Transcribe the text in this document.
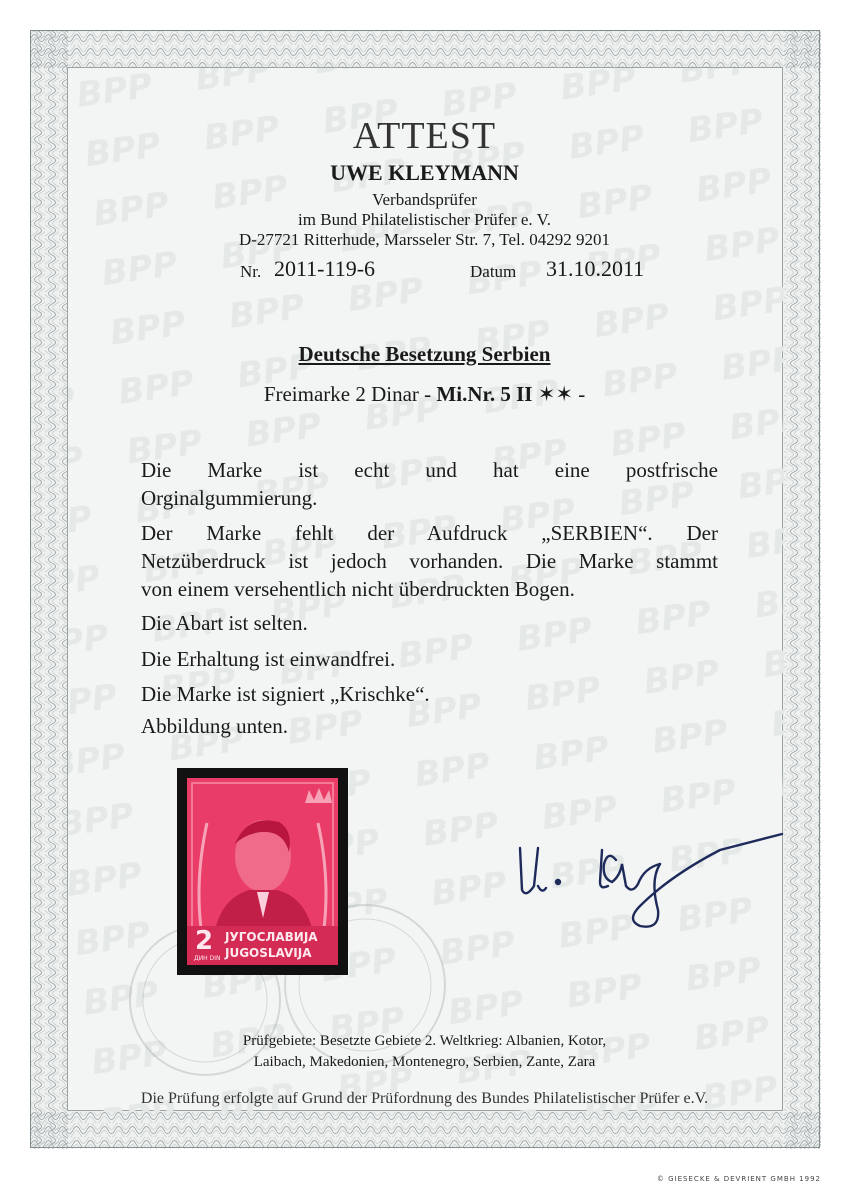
ATTEST
UWE KLEYMANN
Verbandsprüfer
im Bund Philatelistischer Prüfer e. V.
D-27721 Ritterhude, Marsseler Str. 7, Tel. 04292 9201
Nr. 2011-119-6	Datum 31.10.2011
Deutsche Besetzung Serbien
Freimarke 2 Dinar - Mi.Nr. 5 II ✶✶ -
Die Marke ist echt und hat eine postfrische
Orginalgummierung.
Der Marke fehlt der Aufdruck „SERBIEN“. Der
Netzüberdruck ist jedoch vorhanden. Die Marke stammt
von einem versehentlich nicht überdruckten Bogen.
Die Abart ist selten.
Die Erhaltung ist einwandfrei.
Die Marke ist signiert „Krischke“.
Abbildung unten.
2
ДИН DIN
ЈУГОСЛАВИЈА
JUGOSLAVIJA
Prüfgebiete: Besetzte Gebiete 2. Weltkrieg: Albanien, Kotor,
Laibach, Makedonien, Montenegro, Serbien, Zante, Zara
Die Prüfung erfolgte auf Grund der Prüfordnung des Bundes Philatelistischer Prüfer e.V.
© GIESECKE & DEVRIENT GMBH 1992
